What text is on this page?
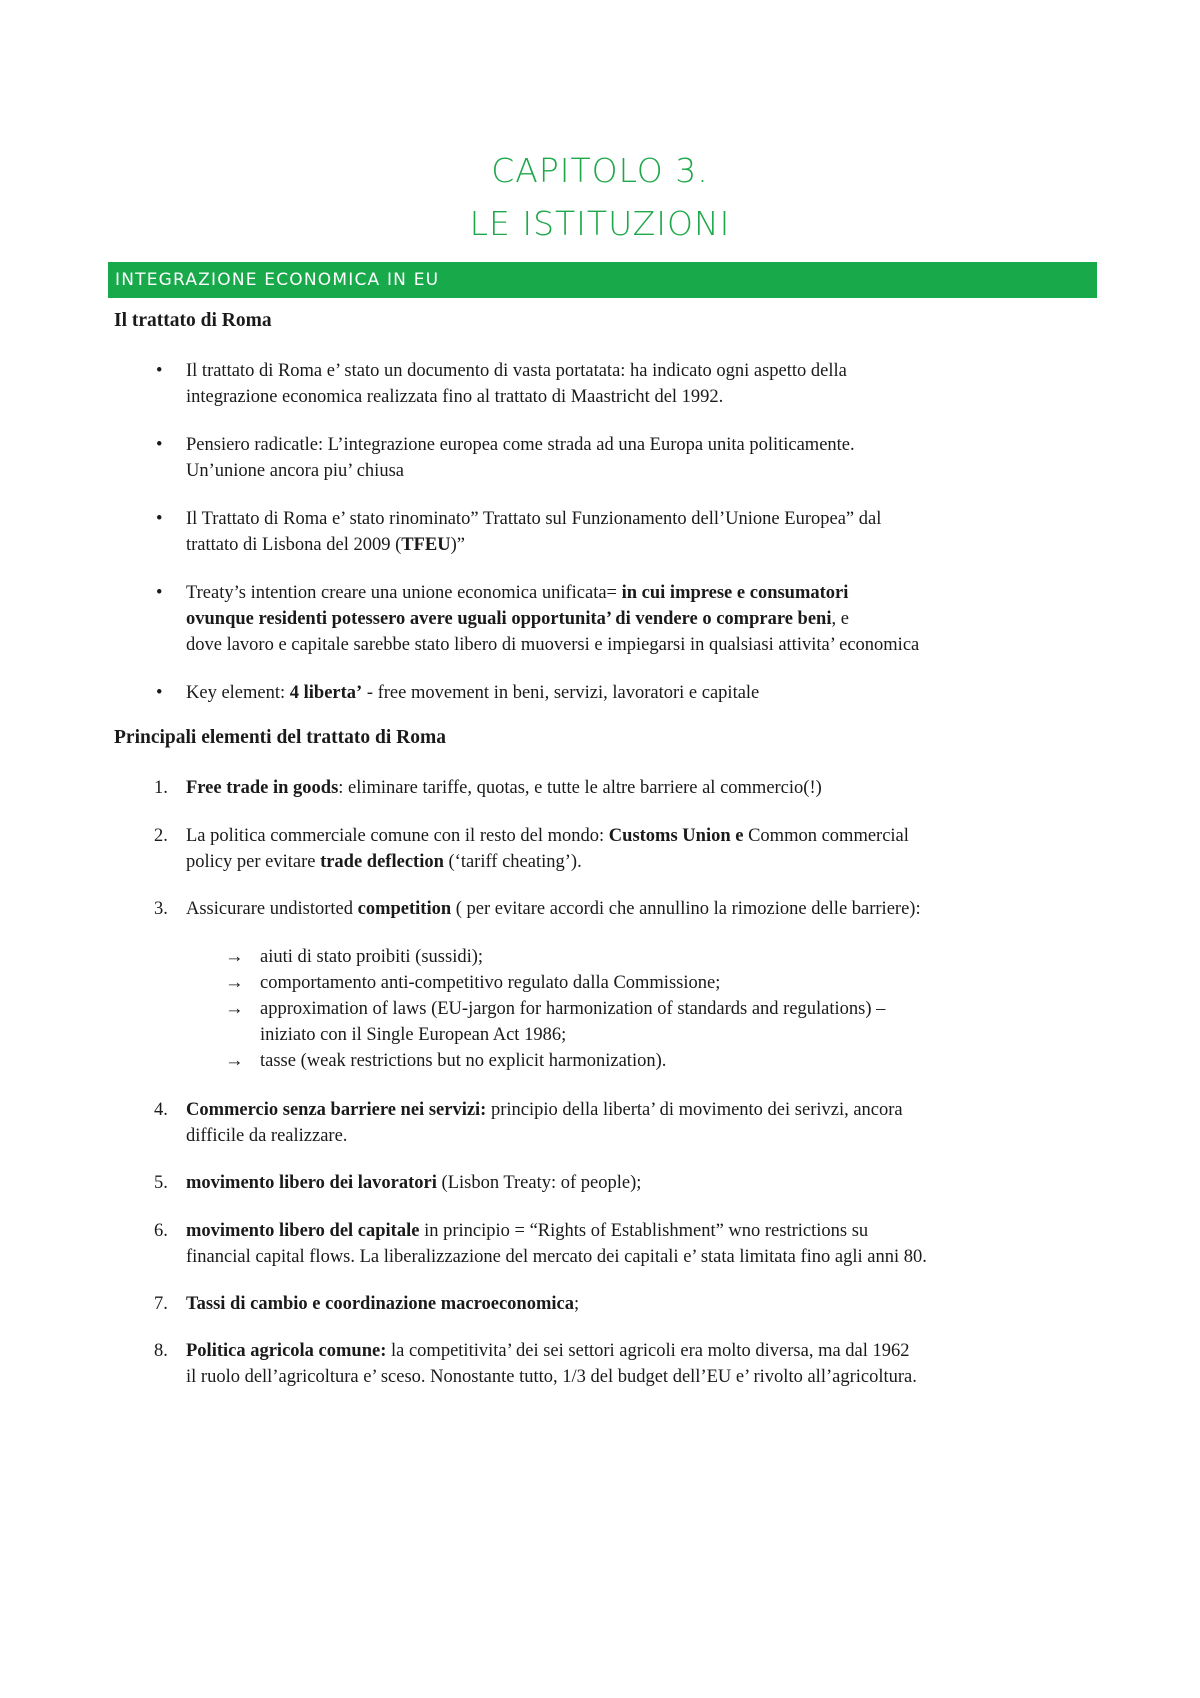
CAPITOLO 3.
LE ISTITUZIONI
INTEGRAZIONE ECONOMICA IN EU

Il trattato di Roma

• Il trattato di Roma e’ stato un documento di vasta portatata: ha indicato ogni aspetto della
integrazione economica realizzata fino al trattato di Maastricht del 1992.
• Pensiero radicatle: L’integrazione europea come strada ad una Europa unita politicamente.
Un’unione ancora piu’ chiusa
• Il Trattato di Roma e’ stato rinominato” Trattato sul Funzionamento dell’Unione Europea” dal
trattato di Lisbona del 2009 (TFEU)”
• Treaty’s intention creare una unione economica unificata= in cui imprese e consumatori
ovunque residenti potessero avere uguali opportunita’ di vendere o comprare beni, e
dove lavoro e capitale sarebbe stato libero di muoversi e impiegarsi in qualsiasi attivita’ economica
• Key element: 4 liberta’ - free movement in beni, servizi, lavoratori e capitale

Principali elementi del trattato di Roma

1. Free trade in goods: eliminare tariffe, quotas, e tutte le altre barriere al commercio(!)
2. La politica commerciale comune con il resto del mondo: Customs Union e Common commercial
policy per evitare trade deflection (‘tariff cheating’).
3. Assicurare undistorted competition ( per evitare accordi che annullino la rimozione delle barriere):
→ aiuti di stato proibiti (sussidi);
→ comportamento anti-competitivo regulato dalla Commissione;
→ approximation of laws (EU-jargon for harmonization of standards and regulations) –
iniziato con il Single European Act 1986;
→ tasse (weak restrictions but no explicit harmonization).
4. Commercio senza barriere nei servizi: principio della liberta’ di movimento dei serivzi, ancora
difficile da realizzare.
5. movimento libero dei lavoratori (Lisbon Treaty: of people);
6. movimento libero del capitale in principio = “Rights of Establishment” wno restrictions su
financial capital flows. La liberalizzazione del mercato dei capitali e’ stata limitata fino agli anni 80.
7. Tassi di cambio e coordinazione macroeconomica;
8. Politica agricola comune: la competitivita’ dei sei settori agricoli era molto diversa, ma dal 1962
il ruolo dell’agricoltura e’ sceso. Nonostante tutto, 1/3 del budget dell’EU e’ rivolto all’agricoltura.
